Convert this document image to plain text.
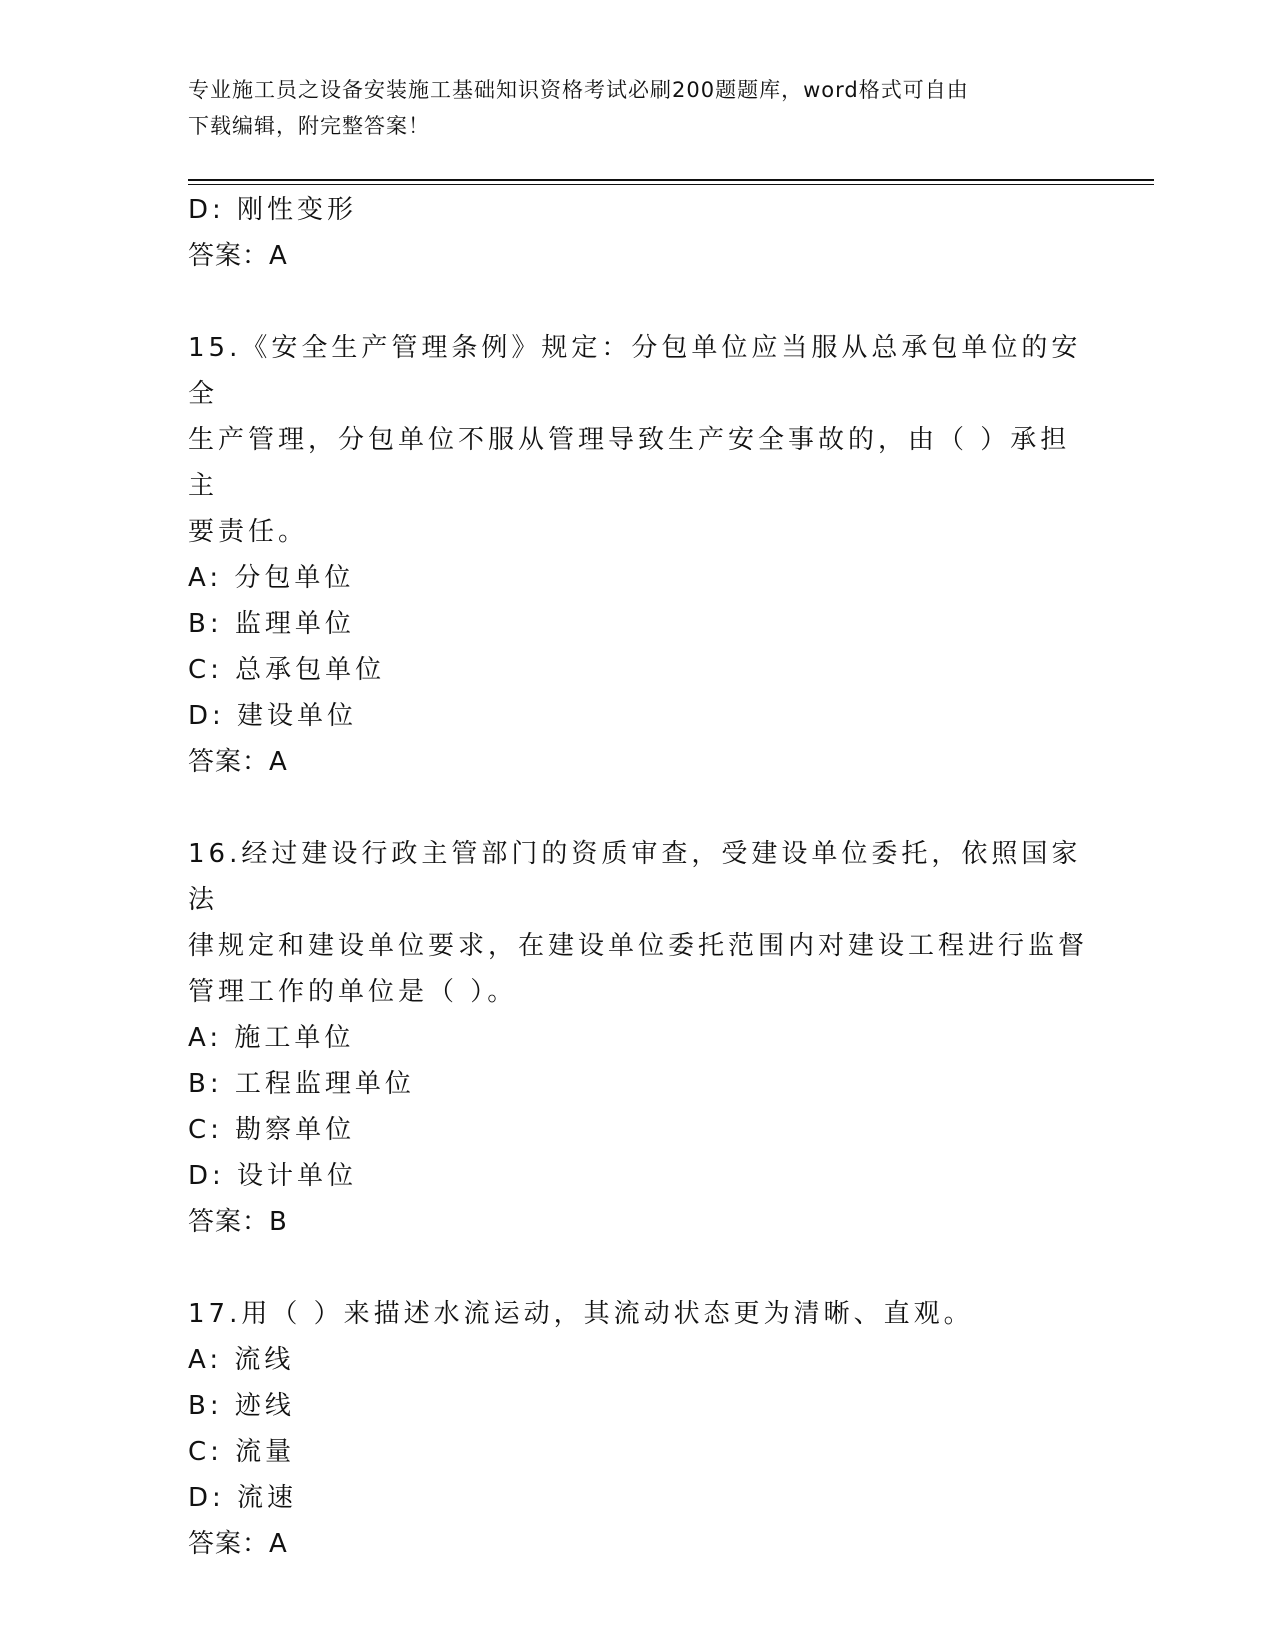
专业施工员之设备安装施工基础知识资格考试必刷200题题库，word格式可自由
下载编辑，附完整答案！
D: 刚性变形
答案：A
15.《安全生产管理条例》规定：分包单位应当服从总承包单位的安全
生产管理，分包单位不服从管理导致生产安全事故的，由（ ）承担主
要责任。
A: 分包单位
B: 监理单位
C: 总承包单位
D: 建设单位
答案：A
16.经过建设行政主管部门的资质审查，受建设单位委托，依照国家法
律规定和建设单位要求，在建设单位委托范围内对建设工程进行监督
管理工作的单位是（ ）。
A: 施工单位
B: 工程监理单位
C: 勘察单位
D: 设计单位
答案：B
17.用（ ）来描述水流运动，其流动状态更为清晰、直观。
A: 流线
B: 迹线
C: 流量
D: 流速
答案：A
